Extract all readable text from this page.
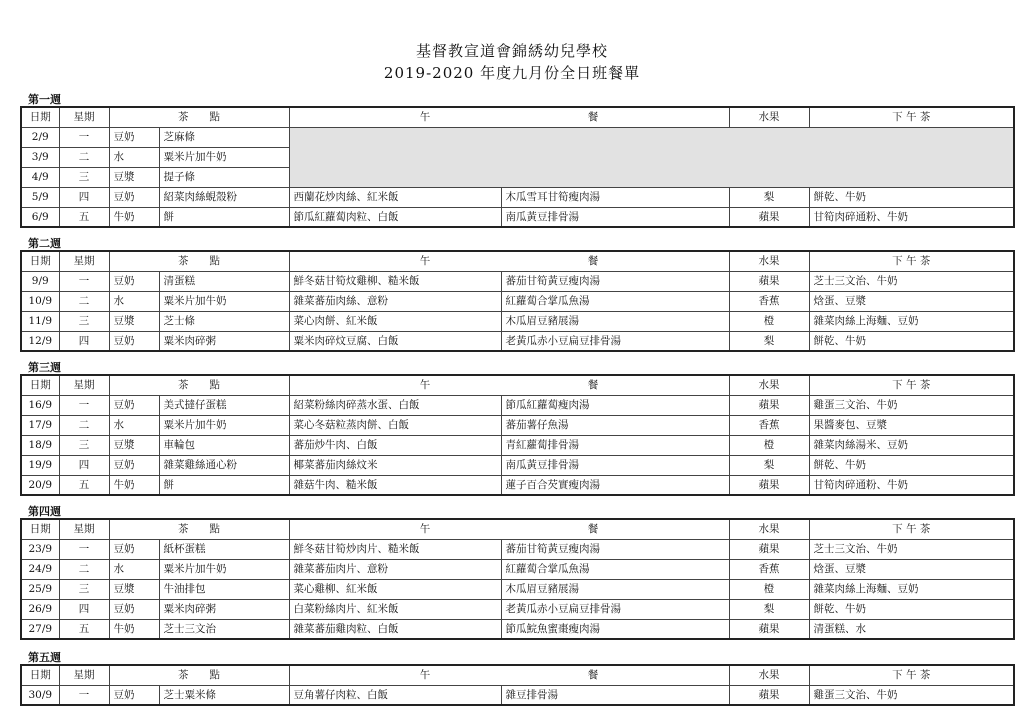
基督教宣道會錦綉幼兒學校
2019-2020 年度九月份全日班餐單
第一週
日期	星期	茶　　點		午　　　　　　　　　　　　　　　餐		水果	下 午 茶
2/9	一	豆奶	芝麻條				
3/9	二	水	粟米片加牛奶				
4/9	三	豆漿	提子條				
5/9	四	豆奶	紹菜肉絲蜆殼粉	西蘭花炒肉絲、紅米飯	木瓜雪耳甘筍瘦肉湯	梨	餅乾、牛奶
6/9	五	牛奶	餅	節瓜紅蘿蔔肉粒、白飯	南瓜黃豆排骨湯	蘋果	甘筍肉碎通粉、牛奶
第二週
日期	星期	茶　　點		午　　　　　　　　　　　　　　　餐		水果	下 午 茶
9/9	一	豆奶	清蛋糕	鮮冬菇甘筍炆雞柳、糙米飯	蕃茄甘筍黃豆瘦肉湯	蘋果	芝士三文治、牛奶
10/9	二	水	粟米片加牛奶	雜菜蕃茄肉絲、意粉	紅蘿蔔合掌瓜魚湯	香蕉	焓蛋、豆漿
11/9	三	豆漿	芝士條	菜心肉餅、紅米飯	木瓜眉豆豬展湯	橙	雜菜肉絲上海麵、豆奶
12/9	四	豆奶	粟米肉碎粥	粟米肉碎炆豆腐、白飯	老黃瓜赤小豆扁豆排骨湯	梨	餅乾、牛奶
第三週
日期	星期	茶　　點		午　　　　　　　　　　　　　　　餐		水果	下 午 茶
16/9	一	豆奶	美式撻仔蛋糕	紹菜粉絲肉碎蒸水蛋、白飯	節瓜紅蘿蔔瘦肉湯	蘋果	雞蛋三文治、牛奶
17/9	二	水	粟米片加牛奶	菜心冬菇粒蒸肉餅、白飯	蕃茄薯仔魚湯	香蕉	果醬麥包、豆漿
18/9	三	豆漿	車輪包	蕃茄炒牛肉、白飯	青紅蘿蔔排骨湯	橙	雜菜肉絲湯米、豆奶
19/9	四	豆奶	雜菜雞絲通心粉	椰菜蕃茄肉絲炆米	南瓜黃豆排骨湯	梨	餅乾、牛奶
20/9	五	牛奶	餅	雜菇牛肉、糙米飯	蓮子百合芡實瘦肉湯	蘋果	甘筍肉碎通粉、牛奶
第四週
日期	星期	茶　　點		午　　　　　　　　　　　　　　　餐		水果	下 午 茶
23/9	一	豆奶	紙杯蛋糕	鮮冬菇甘筍炒肉片、糙米飯	蕃茄甘筍黃豆瘦肉湯	蘋果	芝士三文治、牛奶
24/9	二	水	粟米片加牛奶	雜菜蕃茄肉片、意粉	紅蘿蔔合掌瓜魚湯	香蕉	焓蛋、豆漿
25/9	三	豆漿	牛油排包	菜心雞柳、紅米飯	木瓜眉豆豬展湯	橙	雜菜肉絲上海麵、豆奶
26/9	四	豆奶	粟米肉碎粥	白菜粉絲肉片、紅米飯	老黃瓜赤小豆扁豆排骨湯	梨	餅乾、牛奶
27/9	五	牛奶	芝士三文治	雜菜蕃茄雞肉粒、白飯	節瓜鯇魚蜜棗瘦肉湯	蘋果	清蛋糕、水
第五週
日期	星期	茶　　點		午　　　　　　　　　　　　　　　餐		水果	下 午 茶
30/9	一	豆奶	芝士粟米條	豆角薯仔肉粒、白飯	雜豆排骨湯	蘋果	雞蛋三文治、牛奶
